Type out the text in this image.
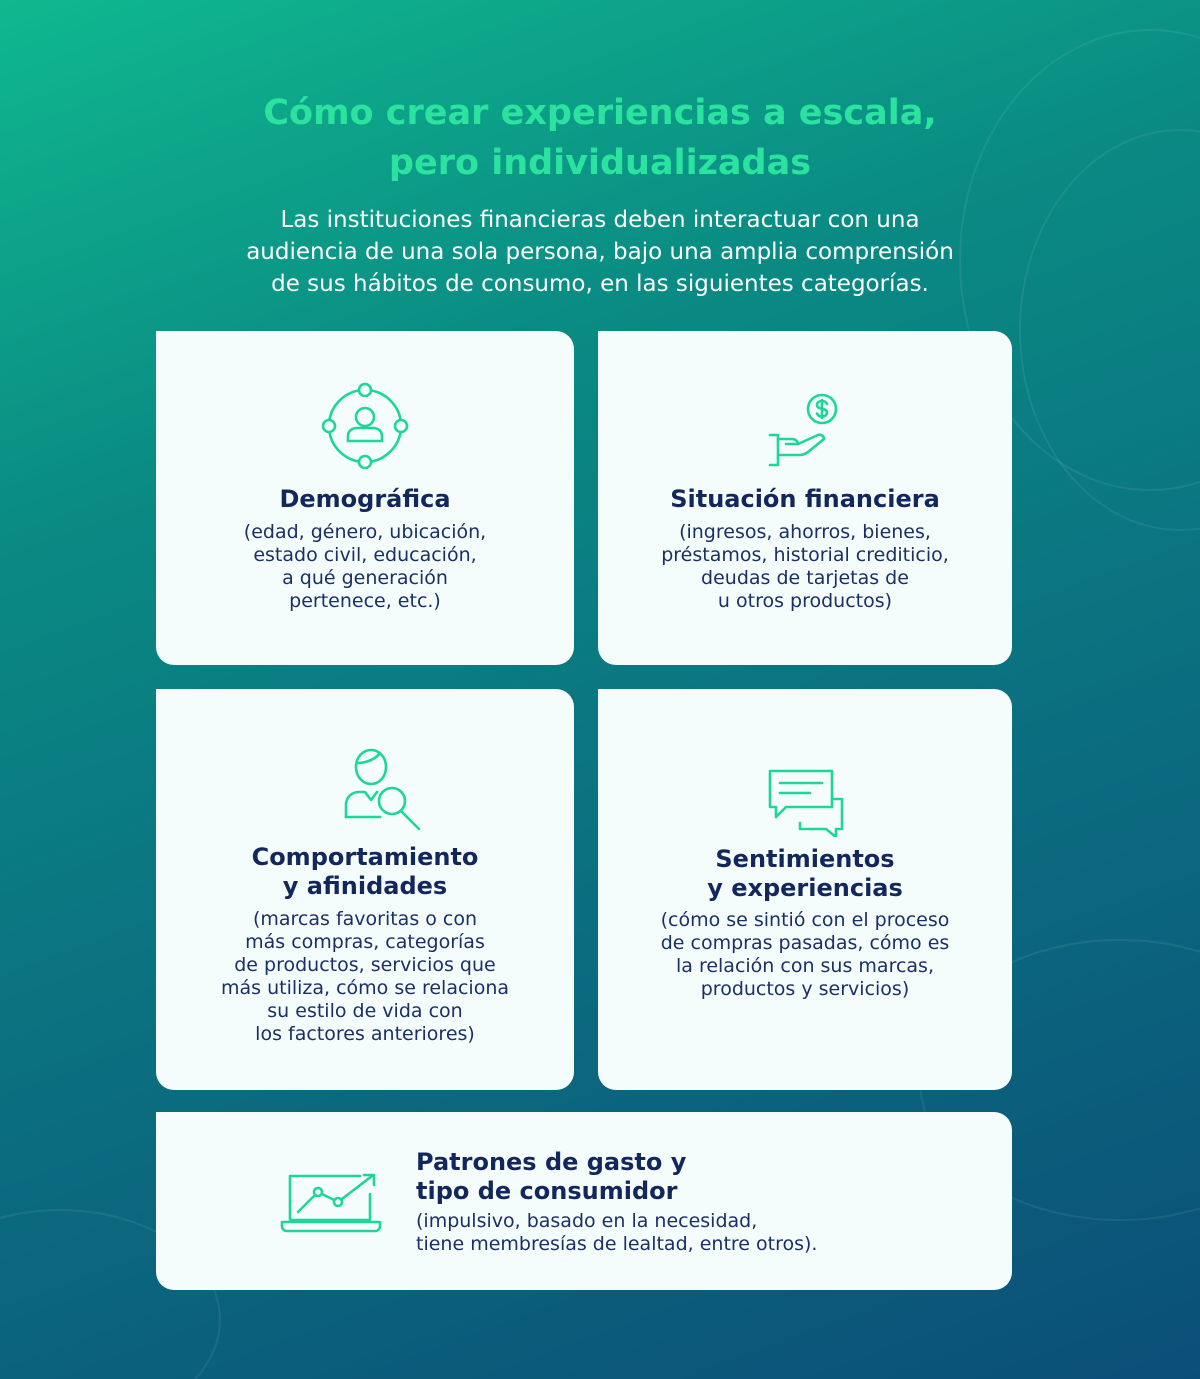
Cómo crear experiencias a escala,
pero individualizadas

Las instituciones financieras deben interactuar con una
audiencia de una sola persona, bajo una amplia comprensión
de sus hábitos de consumo, en las siguientes categorías.

Demográfica

(edad, género, ubicación,
estado civil, educación,
a qué generación
pertenece, etc.)

Situación financiera

(ingresos, ahorros, bienes,
préstamos, historial crediticio,
deudas de tarjetas de
u otros productos)

Comportamiento
y afinidades

(marcas favoritas o con
más compras, categorías
de productos, servicios que
más utiliza, cómo se relaciona
su estilo de vida con
los factores anteriores)

Sentimientos
y experiencias

(cómo se sintió con el proceso
de compras pasadas, cómo es
la relación con sus marcas,
productos y servicios)

Patrones de gasto y
tipo de consumidor

(impulsivo, basado en la necesidad,
tiene membresías de lealtad, entre otros).
